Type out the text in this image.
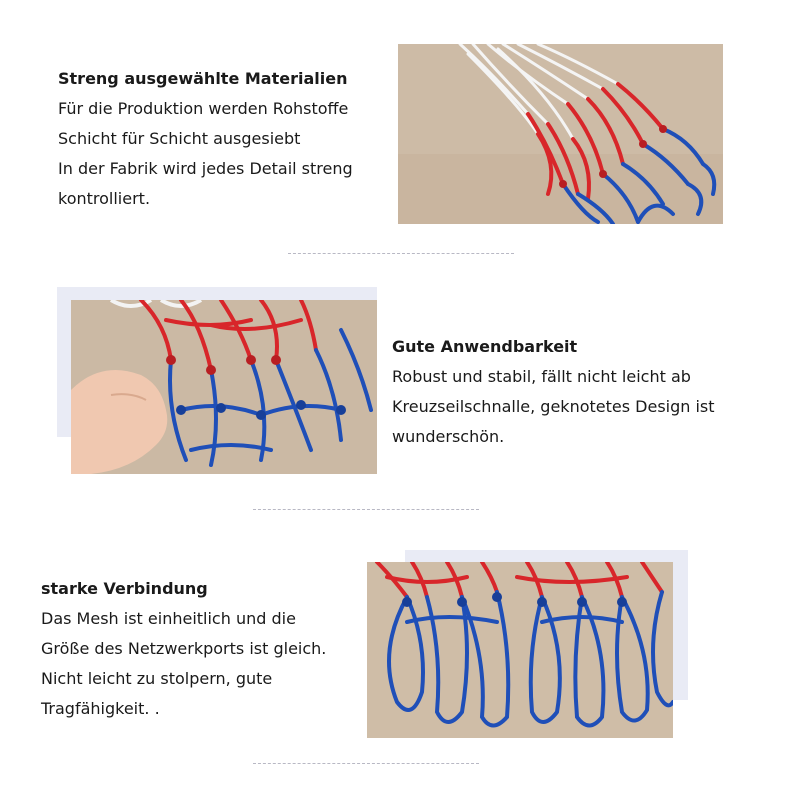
Streng ausgewählte Materialien
Für die Produktion werden Rohstoffe
Schicht für Schicht ausgesiebt
In der Fabrik wird jedes Detail streng
kontrolliert.
Gute Anwendbarkeit
Robust und stabil, fällt nicht leicht ab
Kreuzseilschnalle, geknotetes Design ist
wunderschön.
starke Verbindung
Das Mesh ist einheitlich und die
Größe des Netzwerkports ist gleich.
Nicht leicht zu stolpern, gute
Tragfähigkeit. .
